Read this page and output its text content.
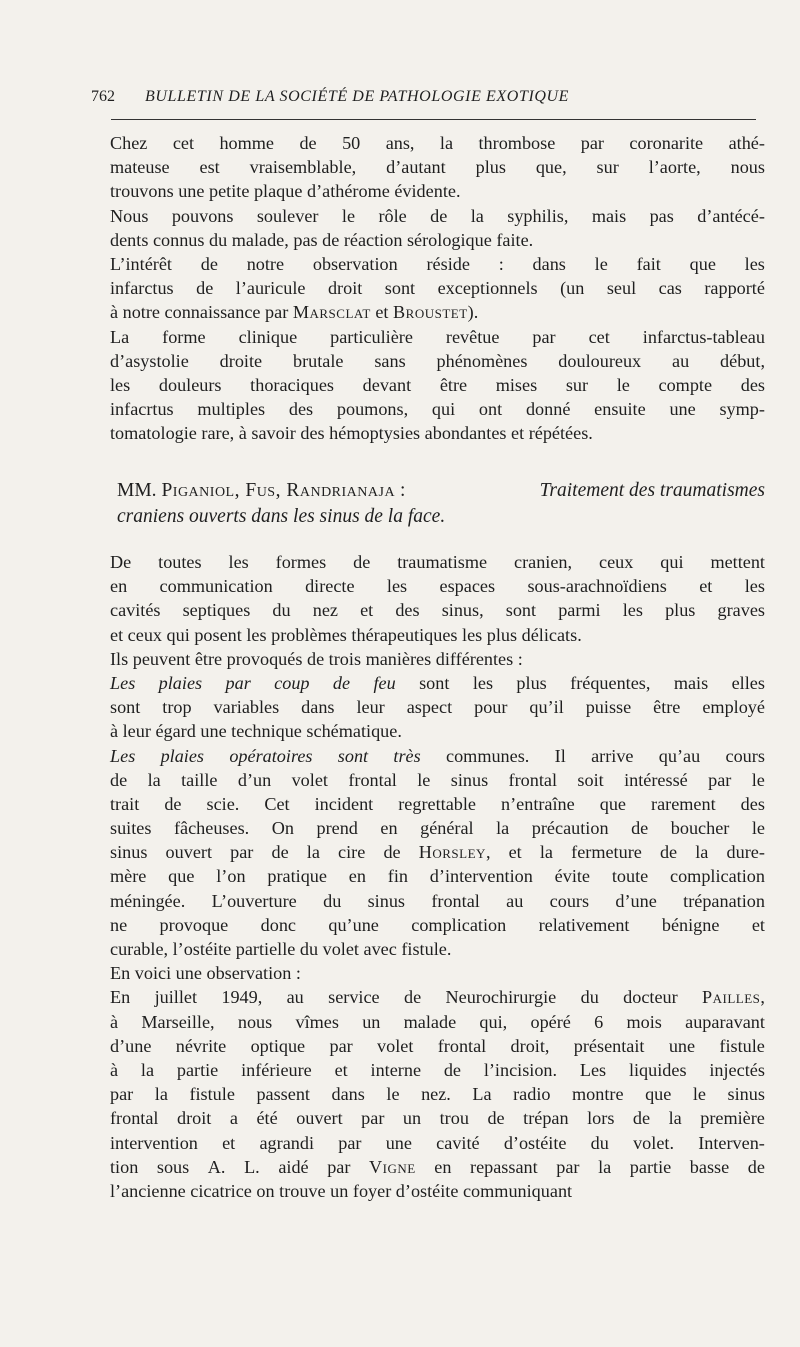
762 BULLETIN DE LA SOCIÉTÉ DE PATHOLOGIE EXOTIQUE
Chez cet homme de 50 ans, la thrombose par coronarite athé-
mateuse est vraisemblable, d’autant plus que, sur l’aorte, nous
trouvons une petite plaque d’athérome évidente.
Nous pouvons soulever le rôle de la syphilis, mais pas d’antécé-
dents connus du malade, pas de réaction sérologique faite.
L’intérêt de notre observation réside : dans le fait que les
infarctus de l’auricule droit sont exceptionnels (un seul cas rapporté
à notre connaissance par Marsclat et Broustet ).
La forme clinique particulière revêtue par cet infarctus-tableau
d’asystolie droite brutale sans phénomènes douloureux au début,
les douleurs thoraciques devant être mises sur le compte des
infacrtus multiples des poumons, qui ont donné ensuite une symp-
tomatologie rare, à savoir des hémoptysies abondantes et répétées.
MM. Piganiol, Fus, Randrianaja :	Traitement des traumatismes
craniens ouverts dans les sinus de la face.
De toutes les formes de traumatisme cranien, ceux qui mettent
en communication directe les espaces sous-arachnoïdiens et les
cavités septiques du nez et des sinus, sont parmi les plus graves
et ceux qui posent les problèmes thérapeutiques les plus délicats.
Ils peuvent être provoqués de trois manières différentes :
Les plaies par coup de feu sont les plus fréquentes, mais elles
sont trop variables dans leur aspect pour qu’il puisse être employé
à leur égard une technique schématique.
Les plaies opératoires sont très communes. Il arrive qu’au cours
de la taille d’un volet frontal le sinus frontal soit intéressé par le
trait de scie. Cet incident regrettable n’entraîne que rarement des
suites fâcheuses. On prend en général la précaution de boucher le
sinus ouvert par de la cire de Horsley, et la fermeture de la dure-
mère que l’on pratique en fin d’intervention évite toute complication
méningée. L’ouverture du sinus frontal au cours d’une trépanation
ne provoque donc qu’une complication relativement bénigne et
curable, l’ostéite partielle du volet avec fistule.
En voici une observation :
En juillet 1949, au service de Neurochirurgie du docteur Pailles,
à Marseille, nous vîmes un malade qui, opéré 6 mois auparavant
d’une névrite optique par volet frontal droit, présentait une fistule
à la partie inférieure et interne de l’incision. Les liquides injectés
par la fistule passent dans le nez. La radio montre que le sinus
frontal droit a été ouvert par un trou de trépan lors de la première
intervention et agrandi par une cavité d’ostéite du volet. Interven-
tion sous A. L. aidé par Vigne en repassant par la partie basse de
l’ancienne cicatrice on trouve un foyer d’ostéite communiquant
